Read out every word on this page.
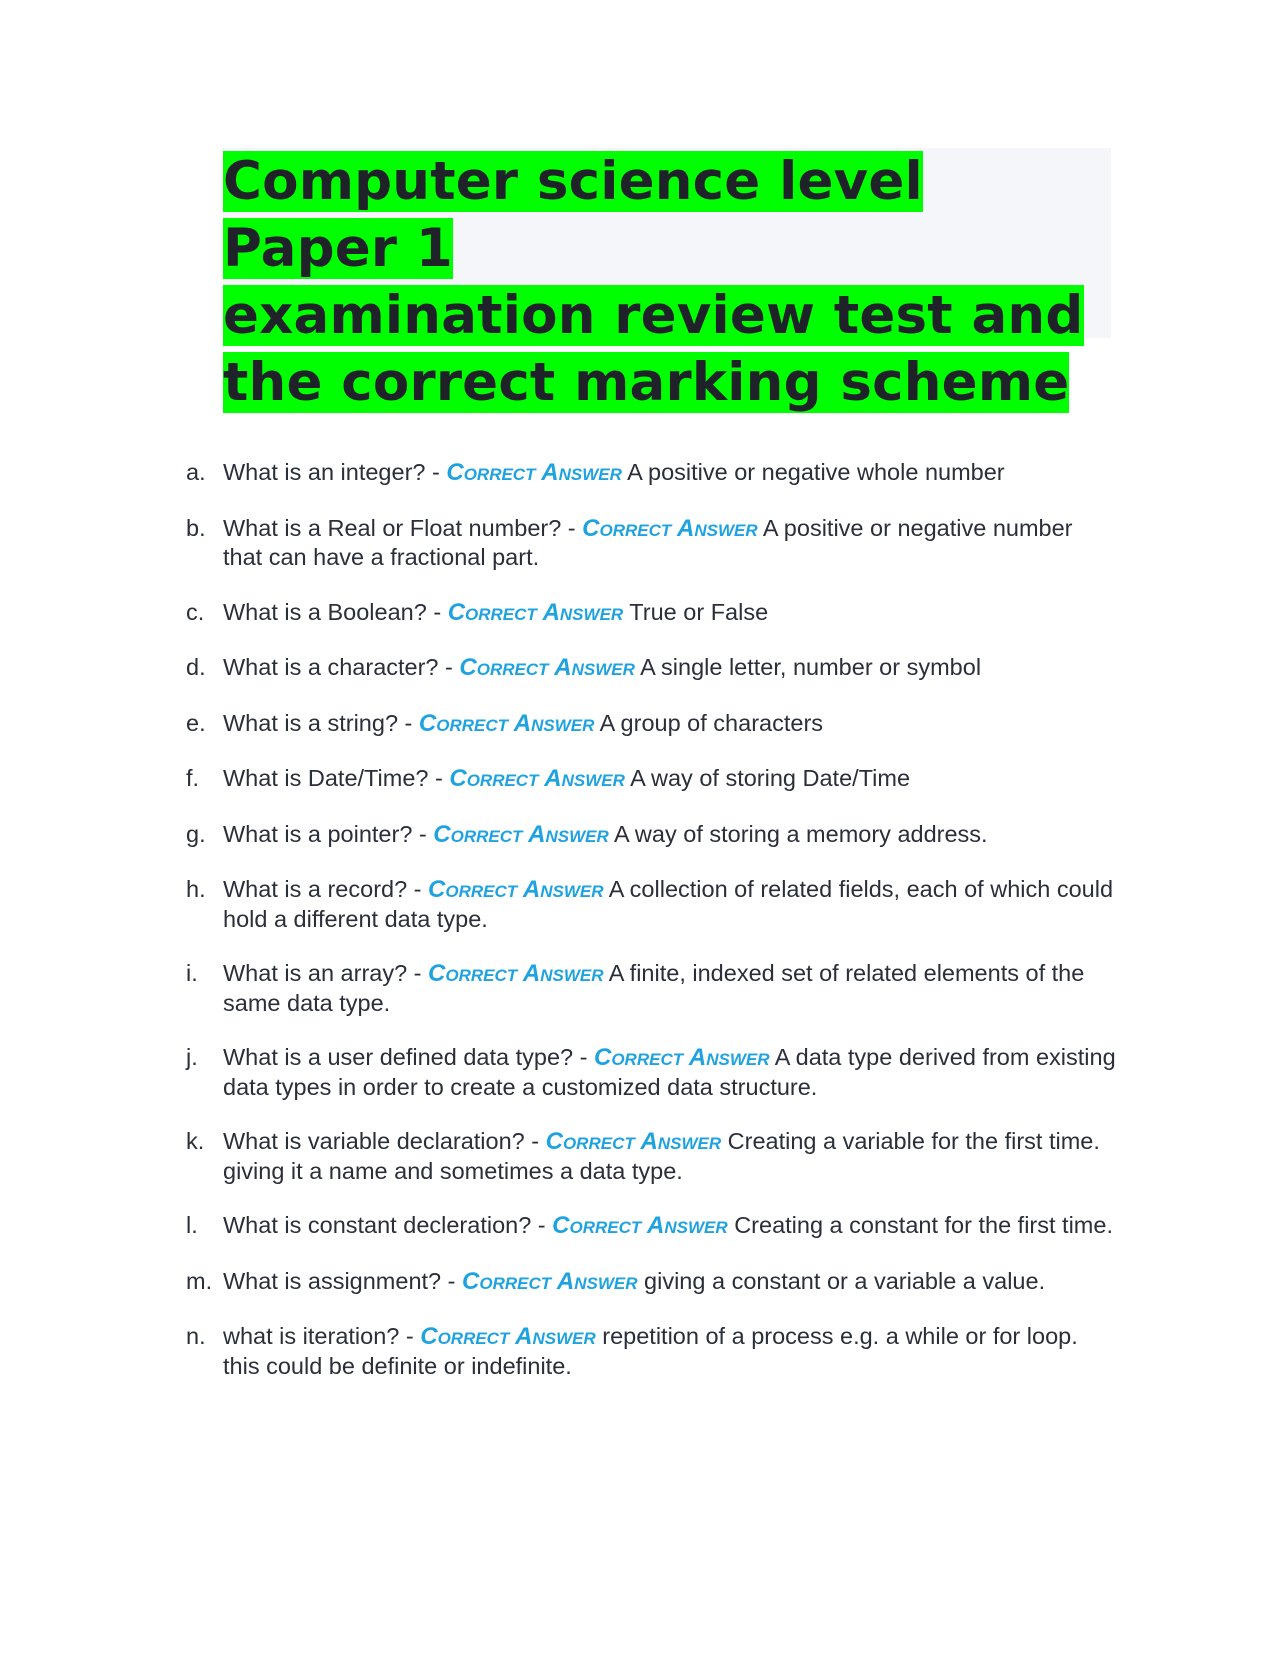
Computer science level Paper 1
examination review test and
the correct marking scheme
a. What is an integer? - Correct Answer A positive or negative whole number
b. What is a Real or Float number? - Correct Answer A positive or negative number that can have a fractional part.
c. What is a Boolean? - Correct Answer True or False
d. What is a character? - Correct Answer A single letter, number or symbol
e. What is a string? - Correct Answer A group of characters
f.	What is Date/Time? - Correct Answer A way of storing Date/Time
g. What is a pointer? - Correct Answer A way of storing a memory address.
h. What is a record? - Correct Answer A collection of related fields, each of which could hold a different data type.
i.	What is an array? - Correct Answer A finite, indexed set of related elements of the same data type.
j.	What is a user defined data type? - Correct Answer A data type derived from existing data types in order to create a customized data structure.
k. What is variable declaration? - Correct Answer Creating a variable for the first time. giving it a name and sometimes a data type.
l.	What is constant decleration? - Correct Answer Creating a constant for the first time.
m. What is assignment? - Correct Answer giving a constant or a variable a value.
n. what is iteration? - Correct Answer repetition of a process e.g. a while or for loop. this could be definite or indefinite.
